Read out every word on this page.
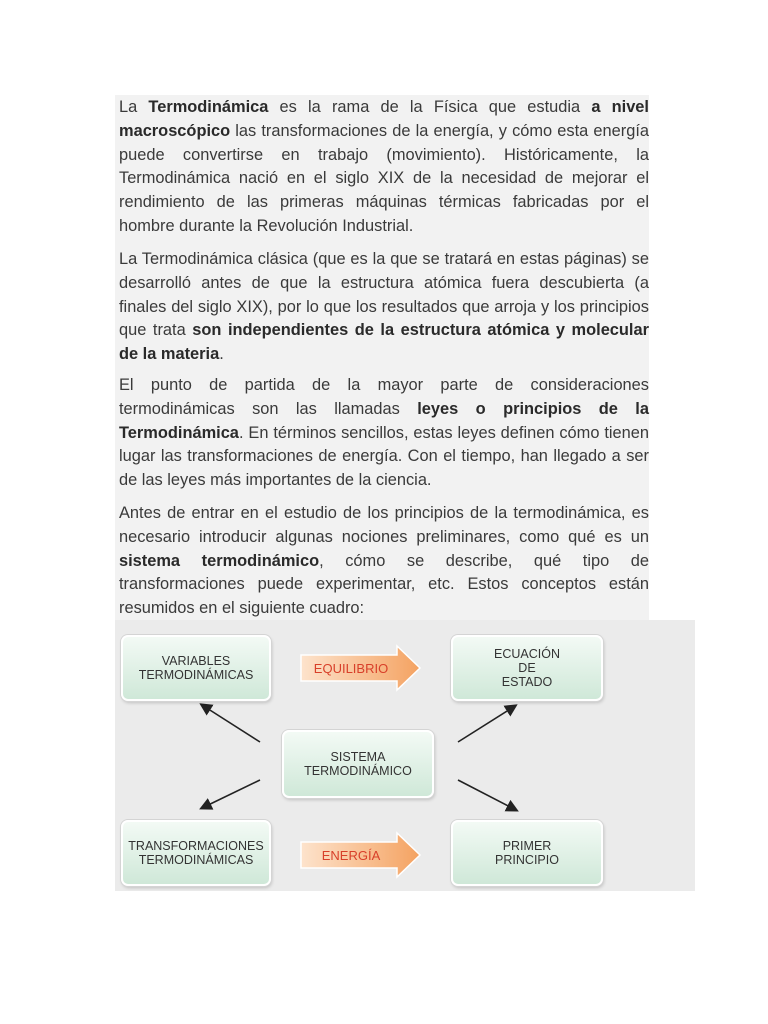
La Termodinámica es la rama de la Física que estudia a nivel macroscópico las transformaciones de la energía, y cómo esta energía puede convertirse en trabajo (movimiento). Históricamente, la Termodinámica nació en el siglo XIX de la necesidad de mejorar el rendimiento de las primeras máquinas térmicas fabricadas por el hombre durante la Revolución Industrial.

La Termodinámica clásica (que es la que se tratará en estas páginas) se desarrolló antes de que la estructura atómica fuera descubierta (a finales del siglo XIX), por lo que los resultados que arroja y los principios que trata son independientes de la estructura atómica y molecular de la materia.

El punto de partida de la mayor parte de consideraciones termodinámicas son las llamadas leyes o principios de la Termodinámica. En términos sencillos, estas leyes definen cómo tienen lugar las transformaciones de energía. Con el tiempo, han llegado a ser de las leyes más importantes de la ciencia.

Antes de entrar en el estudio de los principios de la termodinámica, es necesario introducir algunas nociones preliminares, como qué es un sistema termodinámico, cómo se describe, qué tipo de transformaciones puede experimentar, etc. Estos conceptos están resumidos en el siguiente cuadro:

VARIABLES
TERMODINÁMICAS
ECUACIÓN
DE
ESTADO
SISTEMA
TERMODINÁMICO
TRANSFORMACIONES
TERMODINÁMICAS
PRIMER
PRINCIPIO
EQUILIBRIO
ENERGÍA
